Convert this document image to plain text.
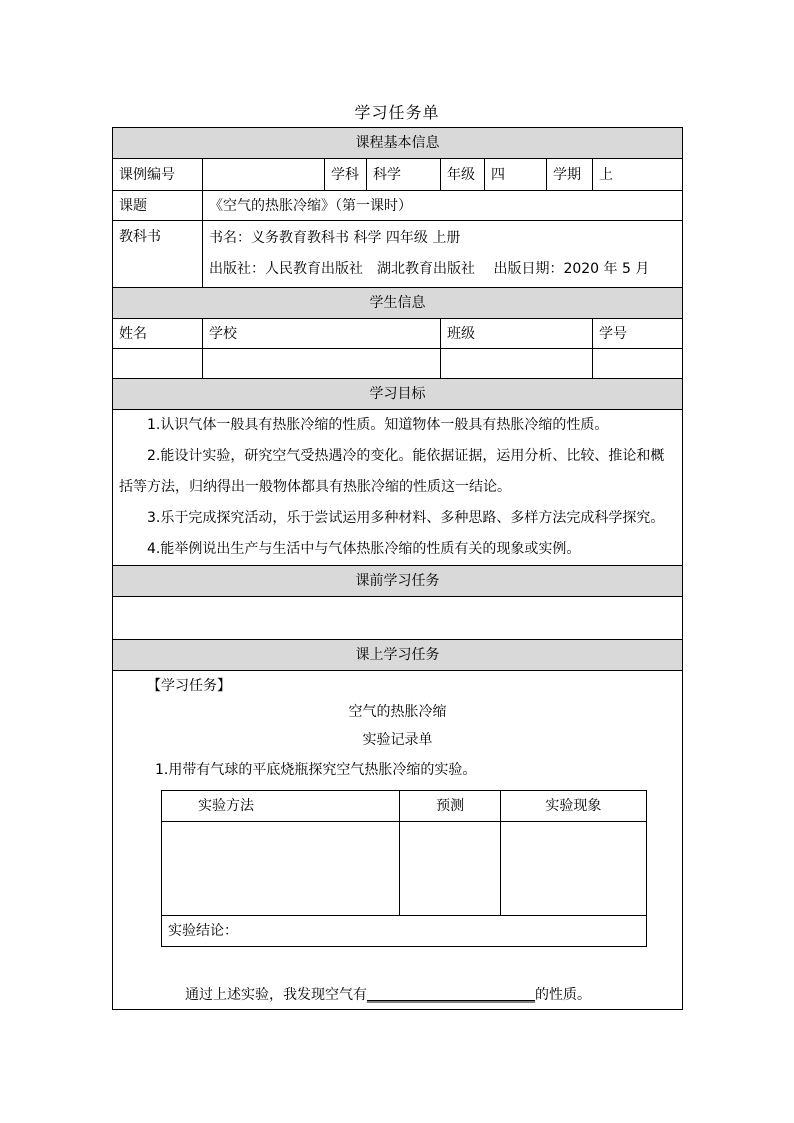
学习任务单
课程基本信息
课例编号		学科	科学	年级	四	学期	上
课题	《空气的热胀冷缩》（第一课时）
教科书	书名：义务教育教科书 科学 四年级 上册
出版社：人民教育出版社　湖北教育出版社　 出版日期：2020 年 5 月

学生信息
姓名	学校	班级	学号

学习目标

1.认识气体一般具有热胀冷缩的性质。知道物体一般具有热胀冷缩的性质。
2.能设计实验，研究空气受热遇冷的变化。能依据证据，运用分析、比较、推论和概括等方法，归纳得出一般物体都具有热胀冷缩的性质这一结论。
3.乐于完成探究活动，乐于尝试运用多种材料、多种思路、多样方法完成科学探究。
4.能举例说出生产与生活中与气体热胀冷缩的性质有关的现象或实例。

课前学习任务

课上学习任务

【学习任务】
空气的热胀冷缩
实验记录单
1.用带有气球的平底烧瓶探究空气热胀冷缩的实验。
实验方法	预测	实验现象

实验结论：
通过上述实验，我发现空气有________________________的性质。
